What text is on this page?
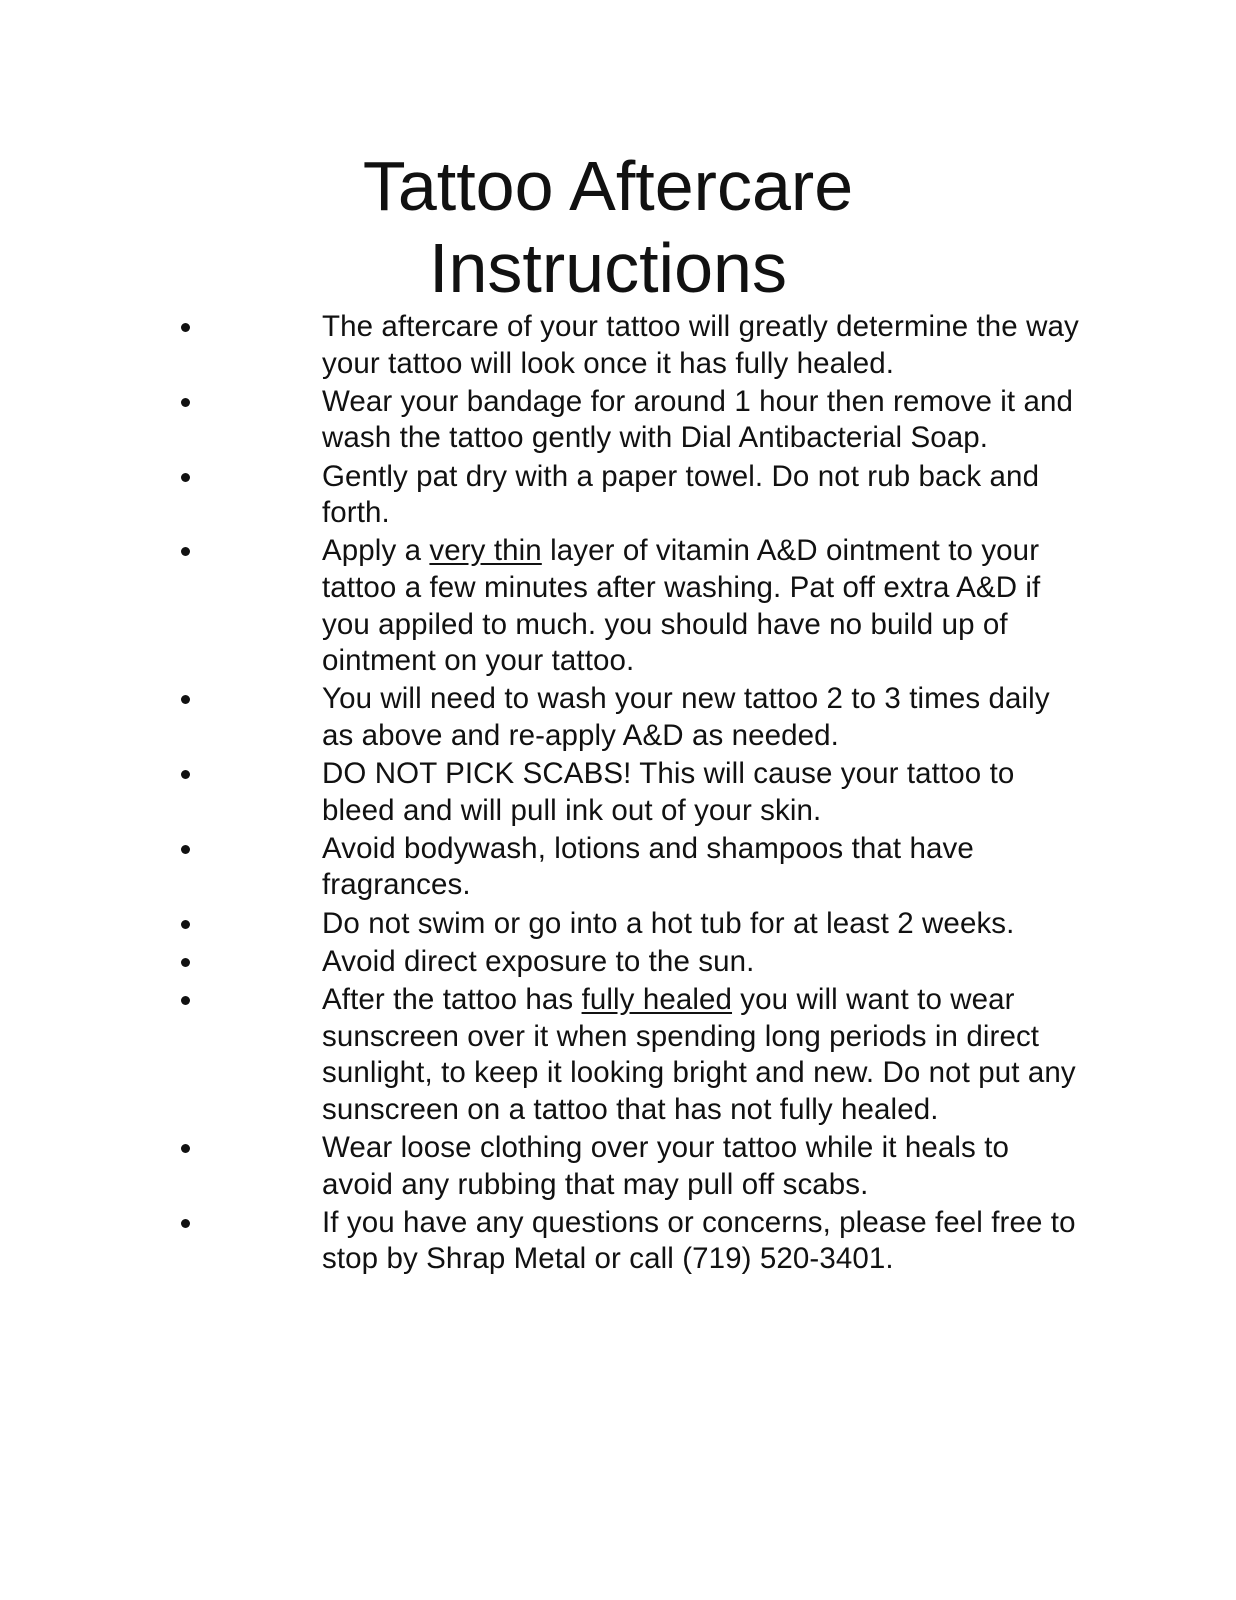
Tattoo Aftercare
Instructions
The aftercare of your tattoo will greatly determine the way your tattoo will look once it has fully healed.
Wear your bandage for around 1 hour then remove it and wash the tattoo gently with Dial Antibacterial Soap.
Gently pat dry with a paper towel. Do not rub back and forth.
Apply a very thin layer of vitamin A&D ointment to your tattoo a few minutes after washing. Pat off extra A&D if you appiled to much. you should have no build up of ointment on your tattoo.
You will need to wash your new tattoo 2 to 3 times daily as above and re-apply A&D as needed.
DO NOT PICK SCABS! This will cause your tattoo to bleed and will pull ink out of your skin.
Avoid bodywash, lotions and shampoos that have fragrances.
Do not swim or go into a hot tub for at least 2 weeks.
Avoid direct exposure to the sun.
After the tattoo has fully healed you will want to wear sunscreen over it when spending long periods in direct sunlight, to keep it looking bright and new. Do not put any sunscreen on a tattoo that has not fully healed.
Wear loose clothing over your tattoo while it heals to avoid any rubbing that may pull off scabs.
If you have any questions or concerns, please feel free to stop by Shrap Metal or call (719) 520-3401.
